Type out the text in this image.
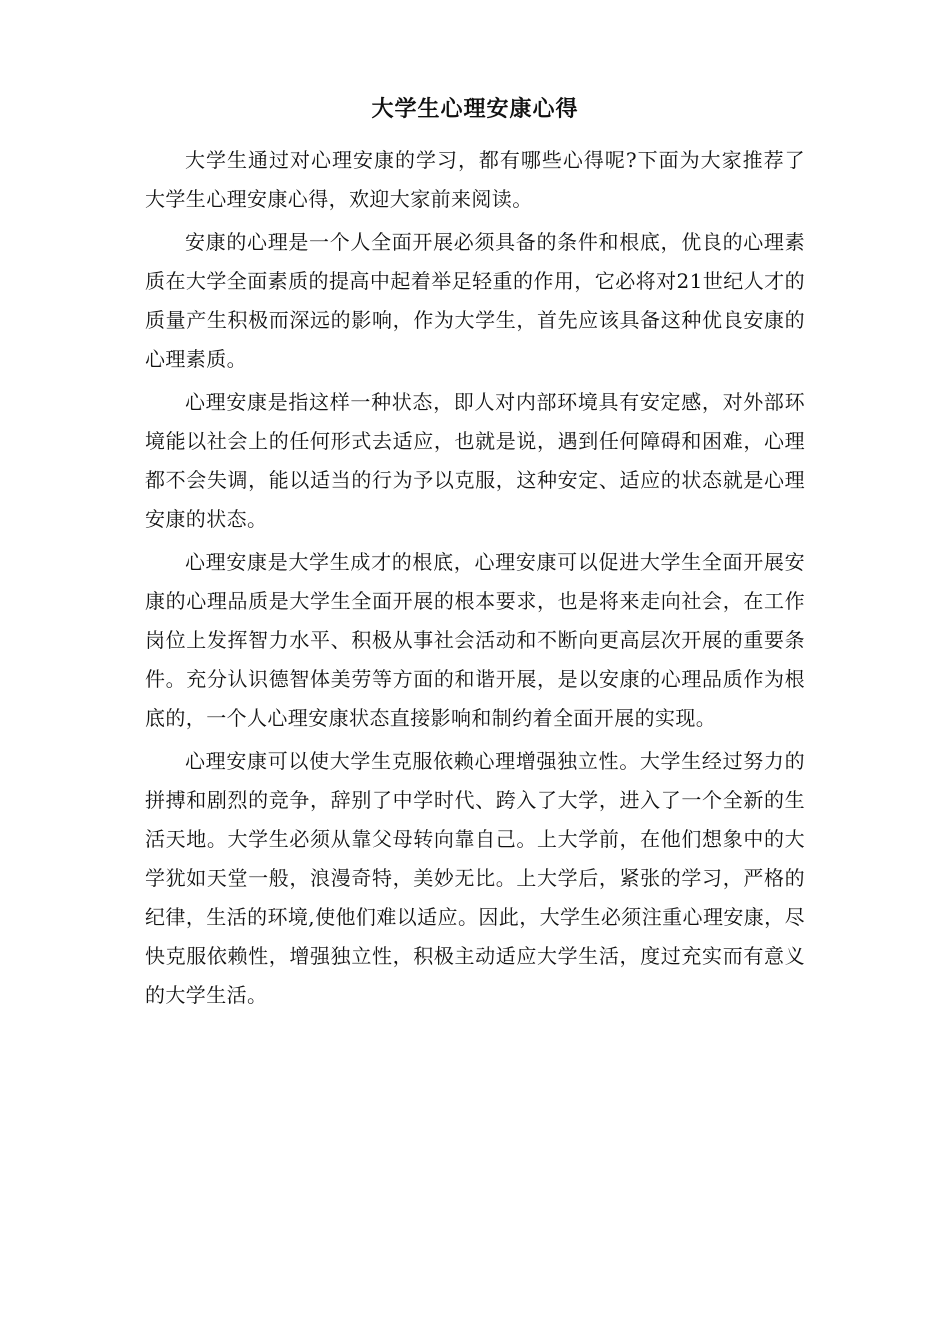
大学生心理安康心得

大学生通过对心理安康的学习，都有哪些心得呢?下面为大家推荐了大学生心理安康心得，欢迎大家前来阅读。

安康的心理是一个人全面开展必须具备的条件和根底，优良的心理素质在大学全面素质的提高中起着举足轻重的作用，它必将对21世纪人才的质量产生积极而深远的影响，作为大学生，首先应该具备这种优良安康的心理素质。

心理安康是指这样一种状态，即人对内部环境具有安定感，对外部环境能以社会上的任何形式去适应，也就是说，遇到任何障碍和困难，心理都不会失调，能以适当的行为予以克服，这种安定、适应的状态就是心理安康的状态。

心理安康是大学生成才的根底，心理安康可以促进大学生全面开展安康的心理品质是大学生全面开展的根本要求，也是将来走向社会，在工作岗位上发挥智力水平、积极从事社会活动和不断向更高层次开展的重要条件。充分认识德智体美劳等方面的和谐开展，是以安康的心理品质作为根底的，一个人心理安康状态直接影响和制约着全面开展的实现。

心理安康可以使大学生克服依赖心理增强独立性。大学生经过努力的拼搏和剧烈的竞争，辞别了中学时代、跨入了大学，进入了一个全新的生活天地。大学生必须从靠父母转向靠自己。上大学前，在他们想象中的大学犹如天堂一般，浪漫奇特，美妙无比。上大学后，紧张的学习，严格的纪律，生活的环境,使他们难以适应。因此，大学生必须注重心理安康，尽快克服依赖性，增强独立性，积极主动适应大学生活，度过充实而有意义的大学生活。
